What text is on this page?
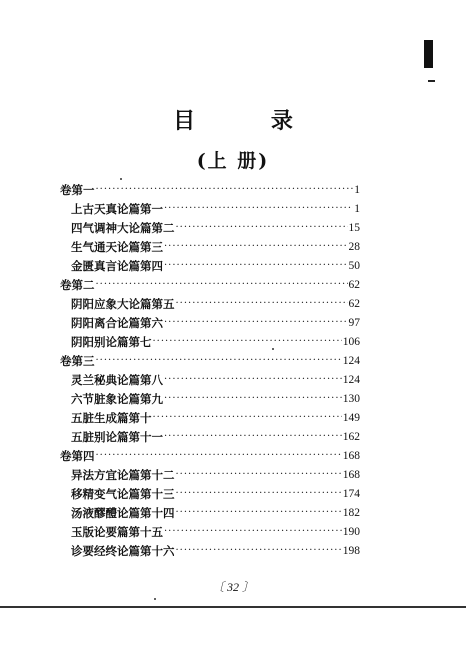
目 录
(上 册)
卷第一 ·····	1
上古天真论篇第一 ·····	1
四气调神大论篇第二 ·····	15
生气通天论篇第三 ·····	28
金匮真言论篇第四 ·····	50
卷第二 ·····	62
阴阳应象大论篇第五 ·····	62
阴阳离合论篇第六 ·····	97
阴阳别论篇第七 ·····	106
卷第三 ·····	124
灵兰秘典论篇第八 ·····	124
六节脏象论篇第九 ·····	130
五脏生成篇第十 ·····	149
五脏别论篇第十一 ·····	162
卷第四 ·····	168
异法方宜论篇第十二 ·····	168
移精变气论篇第十三 ·····	174
汤液醪醴论篇第十四 ·····	182
玉版论要篇第十五 ·····	190
诊要经终论篇第十六 ·····	198
〔 32 〕
